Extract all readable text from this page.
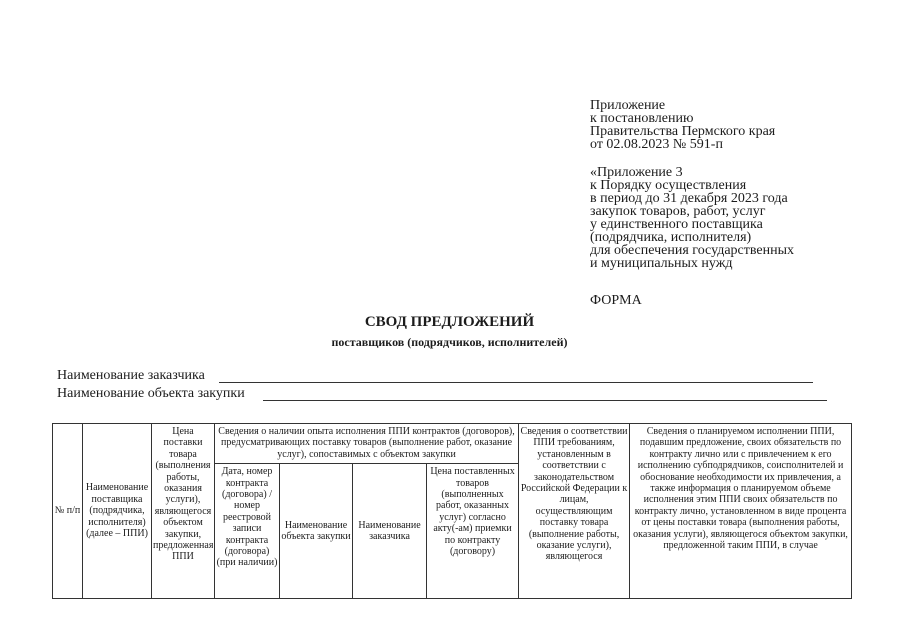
Приложение
к постановлению
Правительства Пермского края
от 02.08.2023 № 591-п
«Приложение 3
к Порядку осуществления
в период до 31 декабря 2023 года
закупок товаров, работ, услуг
у единственного поставщика
(подрядчика, исполнителя)
для обеспечения государственных
и муниципальных нужд
ФОРМА
СВОД ПРЕДЛОЖЕНИЙ
поставщиков (подрядчиков, исполнителей)
Наименование заказчика
Наименование объекта закупки
№ п/п	Наименование поставщика (подрядчика, исполнителя) (далее – ППИ)	Цена поставки товара (выполнения работы, оказания услуги), являющегося объектом закупки, предложенная ППИ	Сведения о наличии опыта исполнения ППИ контрактов (договоров), предусматривающих поставку товаров (выполнение работ, оказание услуг), сопоставимых с объектом закупки				Сведения о соответствии ППИ требованиям, установленным в соответствии с законодательством Российской Федерации к лицам, осуществляющим поставку товара (выполнение работы, оказание услуги), являющегося	Сведения о планируемом исполнении ППИ, подавшим предложение, своих обязательств по контракту лично или с привлечением к его исполнению субподрядчиков, соисполнителей и обоснование необходимости их привлечения, а также информация о планируемом объеме исполнения этим ППИ своих обязательств по контракту лично, установленном в виде процента от цены поставки товара (выполнения работы, оказания услуги), являющегося объектом закупки, предложенной таким ППИ, в случае

			Дата, номер контракта (договора) / номер реестровой записи контракта (договора) (при наличии)	Наименование объекта закупки	Наименование заказчика	Цена поставленных товаров (выполненных работ, оказанных услуг) согласно акту(-ам) приемки по контракту (договору)		
